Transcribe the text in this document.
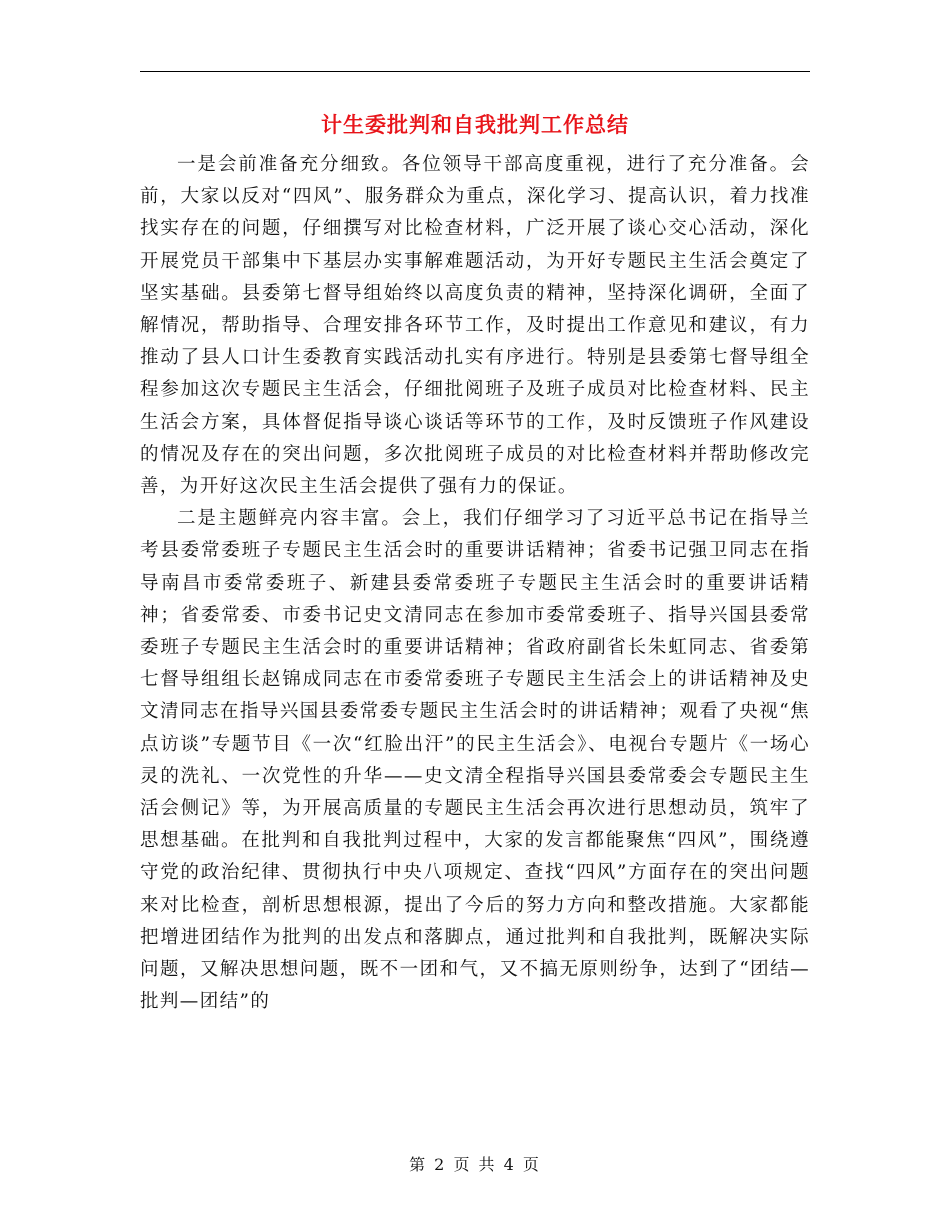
计生委批判和自我批判工作总结

一是会前准备充分细致。各位领导干部高度重视，进行了充分准备。会前，大家以反对“四风”、服务群众为重点，深化学习、提高认识，着力找准找实存在的问题，仔细撰写对比检查材料，广泛开展了谈心交心活动，深化开展党员干部集中下基层办实事解难题活动，为开好专题民主生活会奠定了坚实基础。县委第七督导组始终以高度负责的精神，坚持深化调研，全面了解情况，帮助指导、合理安排各环节工作，及时提出工作意见和建议，有力推动了县人口计生委教育实践活动扎实有序进行。特别是县委第七督导组全程参加这次专题民主生活会，仔细批阅班子及班子成员对比检查材料、民主生活会方案，具体督促指导谈心谈话等环节的工作，及时反馈班子作风建设的情况及存在的突出问题，多次批阅班子成员的对比检查材料并帮助修改完善，为开好这次民主生活会提供了强有力的保证。

二是主题鲜亮内容丰富。会上，我们仔细学习了习近平总书记在指导兰考县委常委班子专题民主生活会时的重要讲话精神；省委书记强卫同志在指导南昌市委常委班子、新建县委常委班子专题民主生活会时的重要讲话精神；省委常委、市委书记史文清同志在参加市委常委班子、指导兴国县委常委班子专题民主生活会时的重要讲话精神；省政府副省长朱虹同志、省委第七督导组组长赵锦成同志在市委常委班子专题民主生活会上的讲话精神及史文清同志在指导兴国县委常委专题民主生活会时的讲话精神；观看了央视“焦点访谈”专题节目《一次“红脸出汗”的民主生活会》、电视台专题片《一场心灵的洗礼、一次党性的升华——史文清全程指导兴国县委常委会专题民主生活会侧记》等，为开展高质量的专题民主生活会再次进行思想动员，筑牢了思想基础。在批判和自我批判过程中，大家的发言都能聚焦“四风”，围绕遵守党的政治纪律、贯彻执行中央八项规定、查找“四风”方面存在的突出问题来对比检查，剖析思想根源，提出了今后的努力方向和整改措施。大家都能把增进团结作为批判的出发点和落脚点，通过批判和自我批判，既解决实际问题，又解决思想问题，既不一团和气，又不搞无原则纷争，达到了“团结—批判—团结”的

第 2 页 共 4 页
